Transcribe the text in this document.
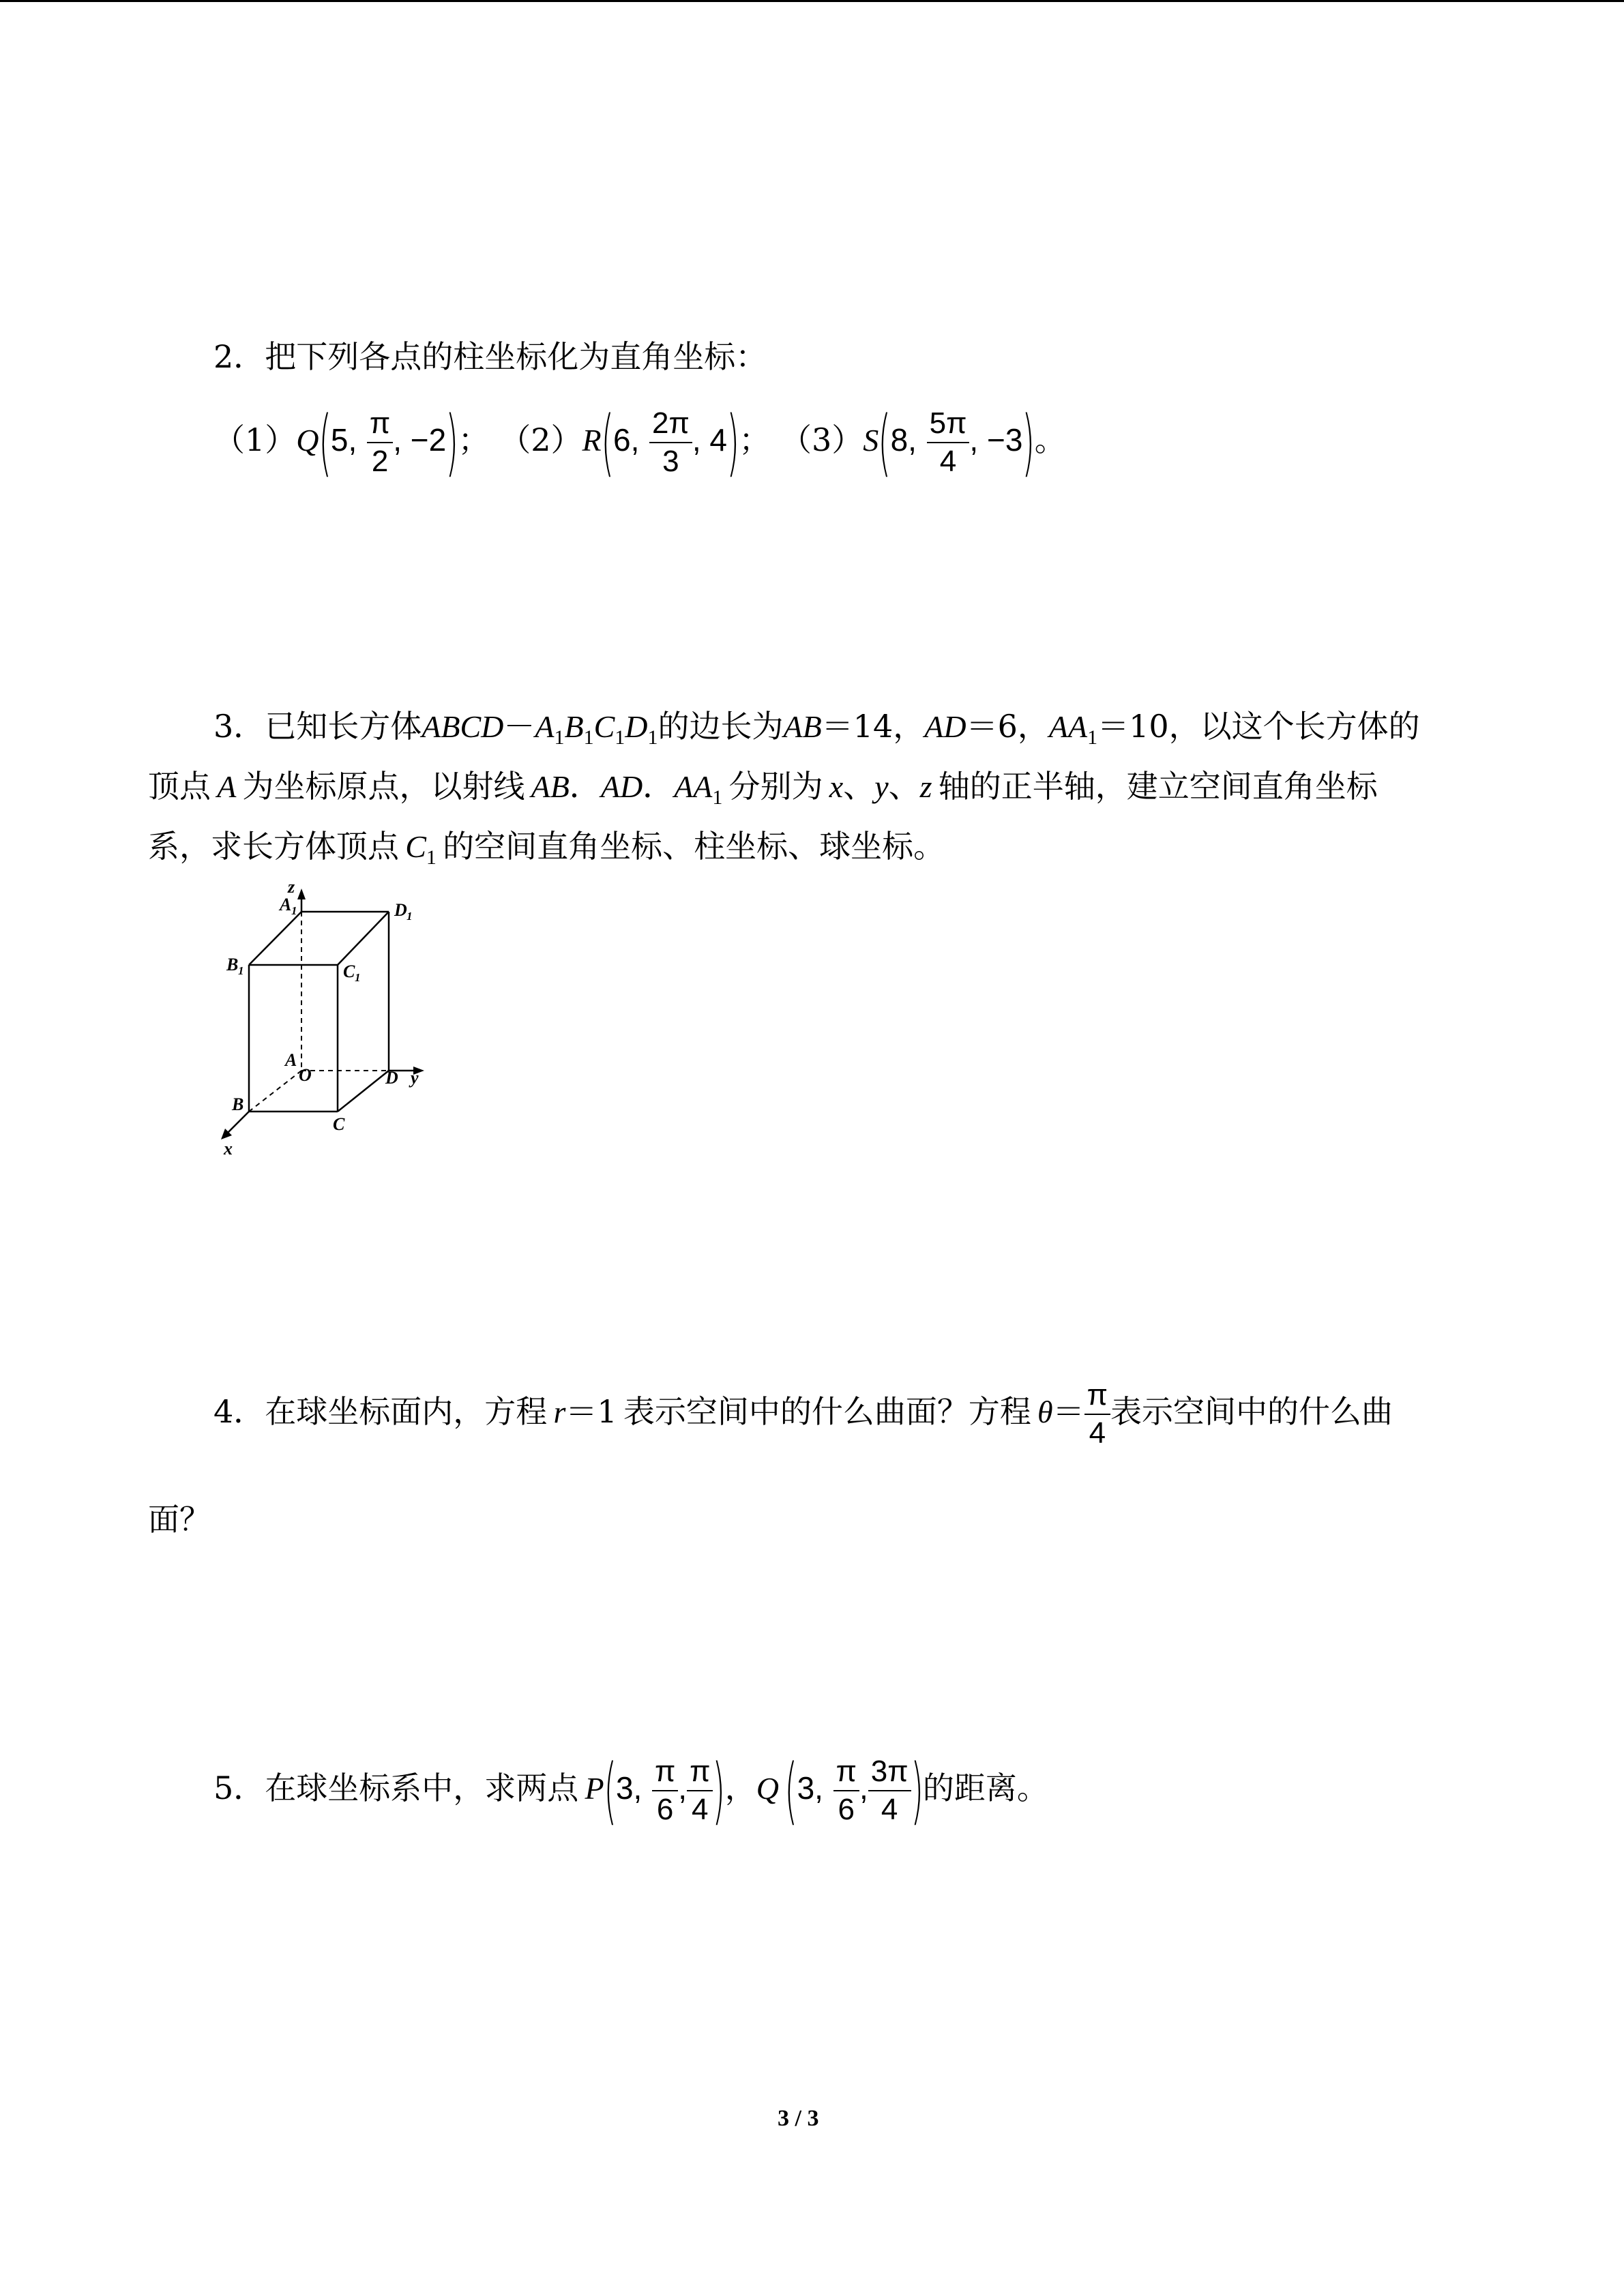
2．把下列各点的柱坐标化为直角坐标：
（1）Q(5, $\frac{\pi}{2}$ , −2)； （2）R(6, $\frac{2\pi}{3}$ , 4)； （3）S(8, $\frac{5\pi}{4}$ , −3)。
3．已知长方体$ABCD-A_1B_1C_1D_1$的边长为AB＝14，AD＝6，$AA_1=10$，以这个长方体的
顶点  A  为坐标原点，以射线  AB．AD．$AA_1$  分别为  x、y、z  轴的正半轴，建立空间直角坐标
系，求长方体顶点  $C_1$  的空间直角坐标、柱坐标、球坐标。
z
A 1	D 1
B 1	C 1
A
O	D y
B
C
x
4．在球坐标面内，方程  r＝1  表示空间中的什么曲面？方程  $\theta= \frac{\pi}{4}$ 表示空间中的什么曲
面？
5．在球坐标系中，求两点  P(3, $\frac{\pi}{6}$ , $\frac{\pi}{4}$ )，Q (3, $\frac{\pi}{6}$ , $\frac{3\pi}{4}$ )的距离。
3 / 3
